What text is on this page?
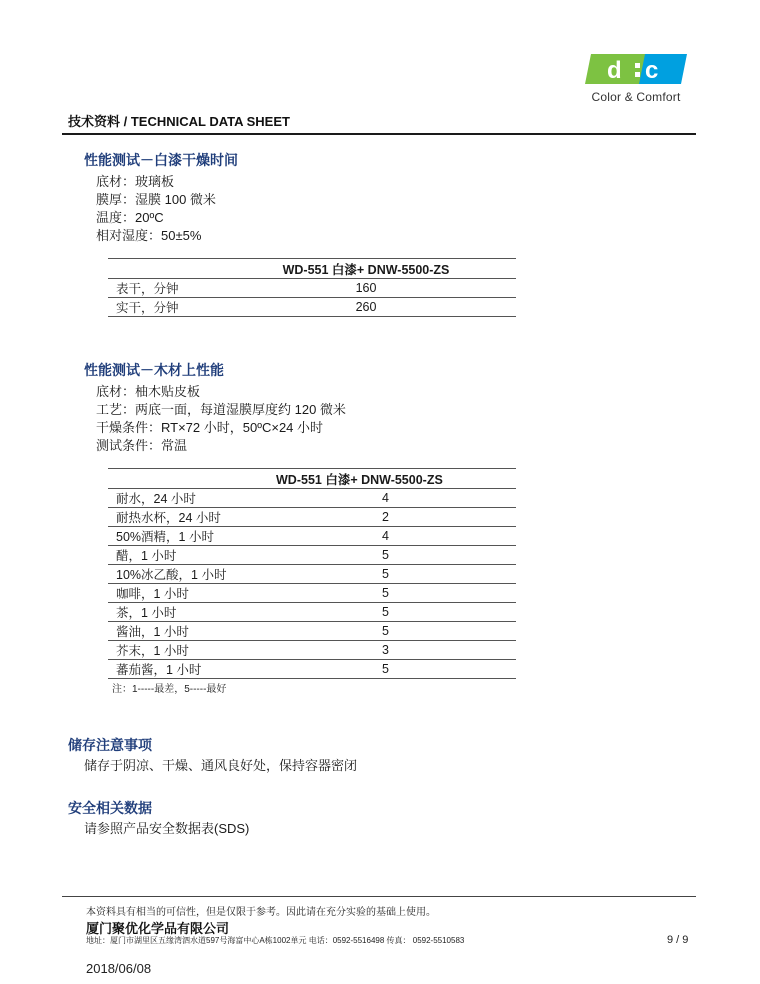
d c
Color & Comfort
技术资料 / TECHNICAL DATA SHEET
性能测试－白漆干燥时间
底材：玻璃板
膜厚：湿膜 100 微米
温度：20ºC
相对湿度：50±5%
	WD-551 白漆+ DNW-5500-ZS
表干，分钟	160
实干，分钟	260
性能测试－木材上性能
底材：柚木贴皮板
工艺：两底一面，每道湿膜厚度约 120 微米
干燥条件：RT×72 小时，50ºC×24 小时
测试条件：常温
	WD-551 白漆+ DNW-5500-ZS
耐水，24 小时	4
耐热水杯，24 小时	2
50%酒精，1 小时	4
醋，1 小时	5
10%冰乙酸，1 小时	5
咖啡，1 小时	5
茶，1 小时	5
酱油，1 小时	5
芥末，1 小时	3
蕃茄酱，1 小时	5
注：1-----最差，5-----最好
储存注意事项
储存于阴凉、干燥、通风良好处，保持容器密闭
安全相关数据
请参照产品安全数据表(SDS)
本资料具有相当的可信性，但是仅限于参考。因此请在充分实验的基础上使用。
厦门聚优化学品有限公司
地址：厦门市湖里区五缘湾泗水道597号海富中心A栋1002单元 电话：0592-5516498 传真： 0592-5510583	9 / 9
2018/06/08
